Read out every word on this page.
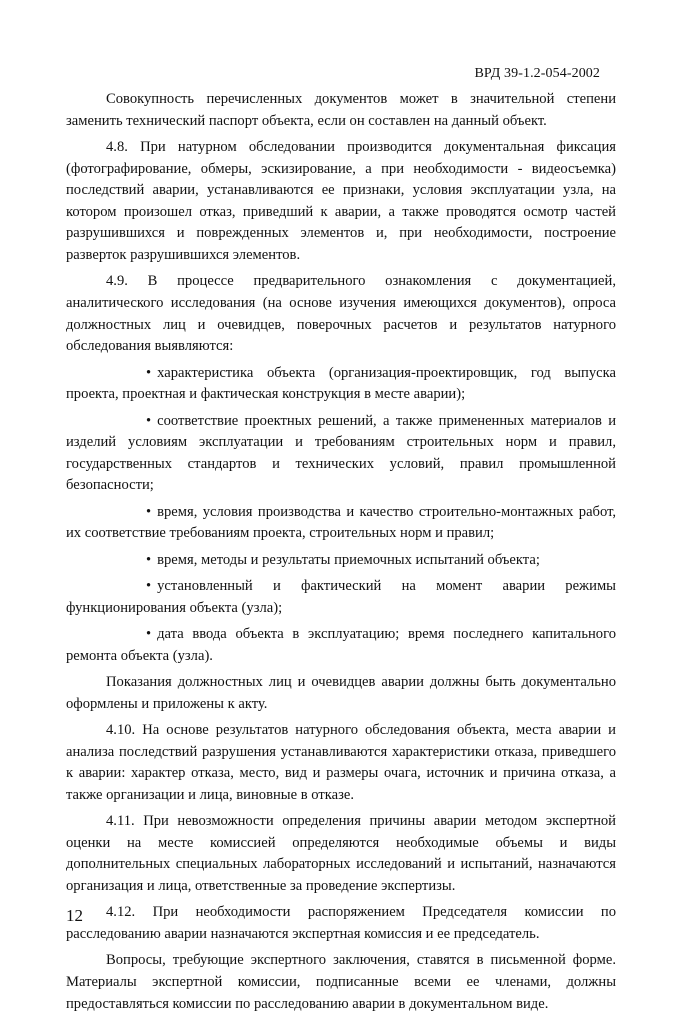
ВРД 39-1.2-054-2002

Совокупность перечисленных документов может в значительной степени заменить технический паспорт объекта, если он составлен на данный объект.

4.8. При натурном обследовании производится документальная фиксация (фотографирование, обмеры, эскизирование, а при необходимости - видеосъемка) последствий аварии, устанавливаются ее признаки, условия эксплуатации узла, на котором произошел отказ, приведший к аварии, а также проводятся осмотр частей разрушившихся и поврежденных элементов и, при необходимости, построение разверток разрушившихся элементов.

4.9. В процессе предварительного ознакомления с документацией, аналитического исследования (на основе изучения имеющихся документов), опроса должностных лиц и очевидцев, поверочных расчетов и результатов натурного обследования выявляются:

• характеристика объекта (организация-проектировщик, год выпуска проекта, проектная и фактическая конструкция в месте аварии);

• соответствие проектных решений, а также примененных материалов и изделий условиям эксплуатации и требованиям строительных норм и правил, государственных стандартов и технических условий, правил промышленной безопасности;

• время, условия производства и качество строительно-монтажных работ, их соответствие требованиям проекта, строительных норм и правил;

• время, методы и результаты приемочных испытаний объекта;

• установленный и фактический на момент аварии режимы функционирования объекта (узла);

• дата ввода объекта в эксплуатацию; время последнего капитального ремонта объекта (узла).

Показания должностных лиц и очевидцев аварии должны быть документально оформлены и приложены к акту.

4.10. На основе результатов натурного обследования объекта, места аварии и анализа последствий разрушения устанавливаются характеристики отказа, приведшего к аварии: характер отказа, место, вид и размеры очага, источник и причина отказа, а также организации и лица, виновные в отказе.

4.11. При невозможности определения причины аварии методом экспертной оценки на месте комиссией определяются необходимые объемы и виды дополнительных специальных лабораторных исследований и испытаний, назначаются организация и лица, ответственные за проведение экспертизы.

4.12. При необходимости распоряжением Председателя комиссии по расследованию аварии назначаются экспертная комиссия и ее председатель.

Вопросы, требующие экспертного заключения, ставятся в письменной форме. Материалы экспертной комиссии, подписанные всеми ее членами, должны предоставляться комиссии по расследованию аварии в документальном виде.

12
